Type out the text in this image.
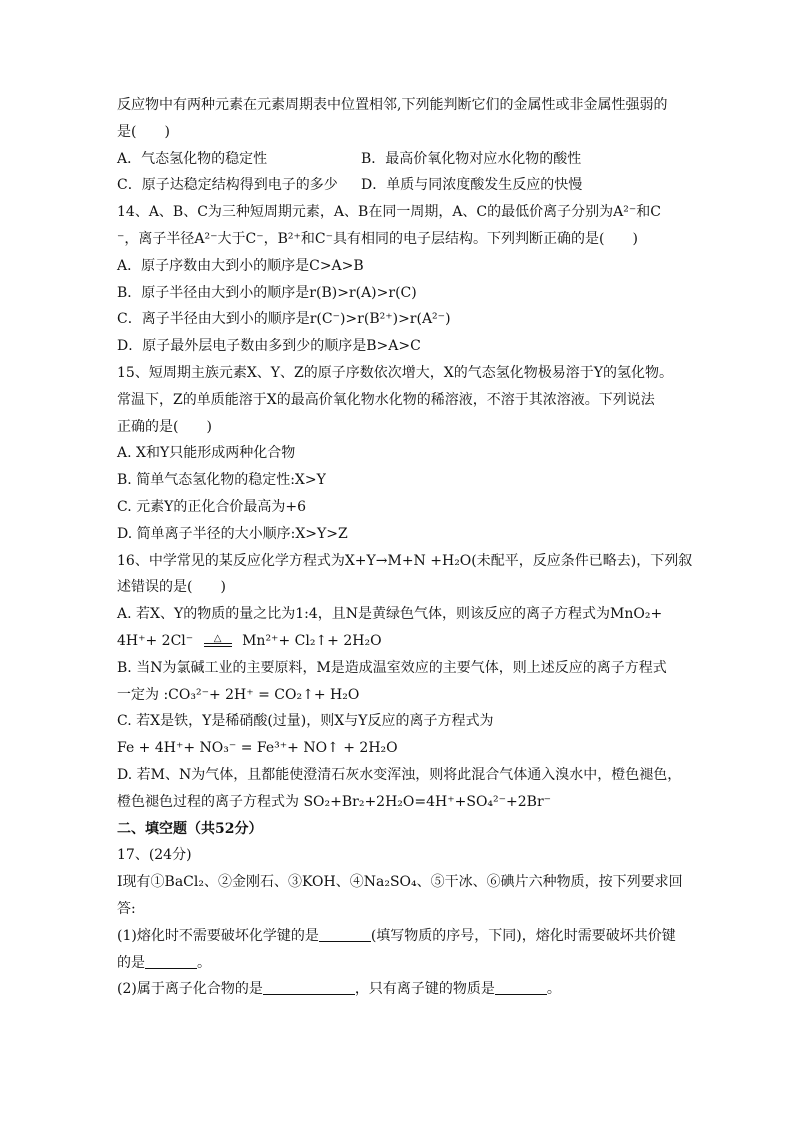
反应物中有两种元素在元素周期表中位置相邻,下列能判断它们的金属性或非金属性强弱的
是(　　)
A．气态氢化物的稳定性	B．最高价氧化物对应水化物的酸性
C．原子达稳定结构得到电子的多少	D．单质与同浓度酸发生反应的快慢
14、A、B、C为三种短周期元素，A、B在同一周期，A、C的最低价离子分别为A²⁻和C
⁻，离子半径A²⁻大于C⁻，B²⁺和C⁻具有相同的电子层结构。下列判断正确的是(　　)
A．原子序数由大到小的顺序是C>A>B
B．原子半径由大到小的顺序是r(B)>r(A)>r(C)
C．离子半径由大到小的顺序是r(C⁻)>r(B²⁺)>r(A²⁻)
D．原子最外层电子数由多到少的顺序是B>A>C
15、短周期主族元素X、Y、Z的原子序数依次增大，X的气态氢化物极易溶于Y的氢化物。
常温下，Z的单质能溶于X的最高价氧化物水化物的稀溶液，不溶于其浓溶液。下列说法
正确的是(　　)
A. X和Y只能形成两种化合物
B. 简单气态氢化物的稳定性:X>Y
C. 元素Y的正化合价最高为+6
D. 简单离子半径的大小顺序:X>Y>Z
16、中学常见的某反应化学方程式为X+Y→M+N +H₂O(未配平，反应条件已略去)，下列叙
述错误的是(　　)
A. 若X、Y的物质的量之比为1:4，且N是黄绿色气体，则该反应的离子方程式为MnO₂+
4H⁺+ 2Cl⁻	△	Mn²⁺+ Cl₂↑+ 2H₂O
B. 当N为氯碱工业的主要原料，M是造成温室效应的主要气体，则上述反应的离子方程式
一定为 :CO₃²⁻+ 2H⁺ = CO₂↑+ H₂O
C. 若X是铁，Y是稀硝酸(过量)，则X与Y反应的离子方程式为
Fe + 4H⁺+ NO₃⁻ = Fe³⁺+ NO↑ + 2H₂O
D. 若M、N为气体，且都能使澄清石灰水变浑浊，则将此混合气体通入溴水中，橙色褪色，
橙色褪色过程的离子方程式为 SO₂+Br₂+2H₂O=4H⁺+SO₄²⁻+2Br⁻
二、填空题（共52分）
17、(24分)
I现有①BaCl₂、②金刚石、③KOH、④Na₂SO₄、⑤干冰、⑥碘片六种物质，按下列要求回
答:
(1)熔化时不需要破坏化学键的是	(填写物质的序号，下同)，熔化时需要破坏共价键
的是	。
(2)属于离子化合物的是	，只有离子键的物质是	。
